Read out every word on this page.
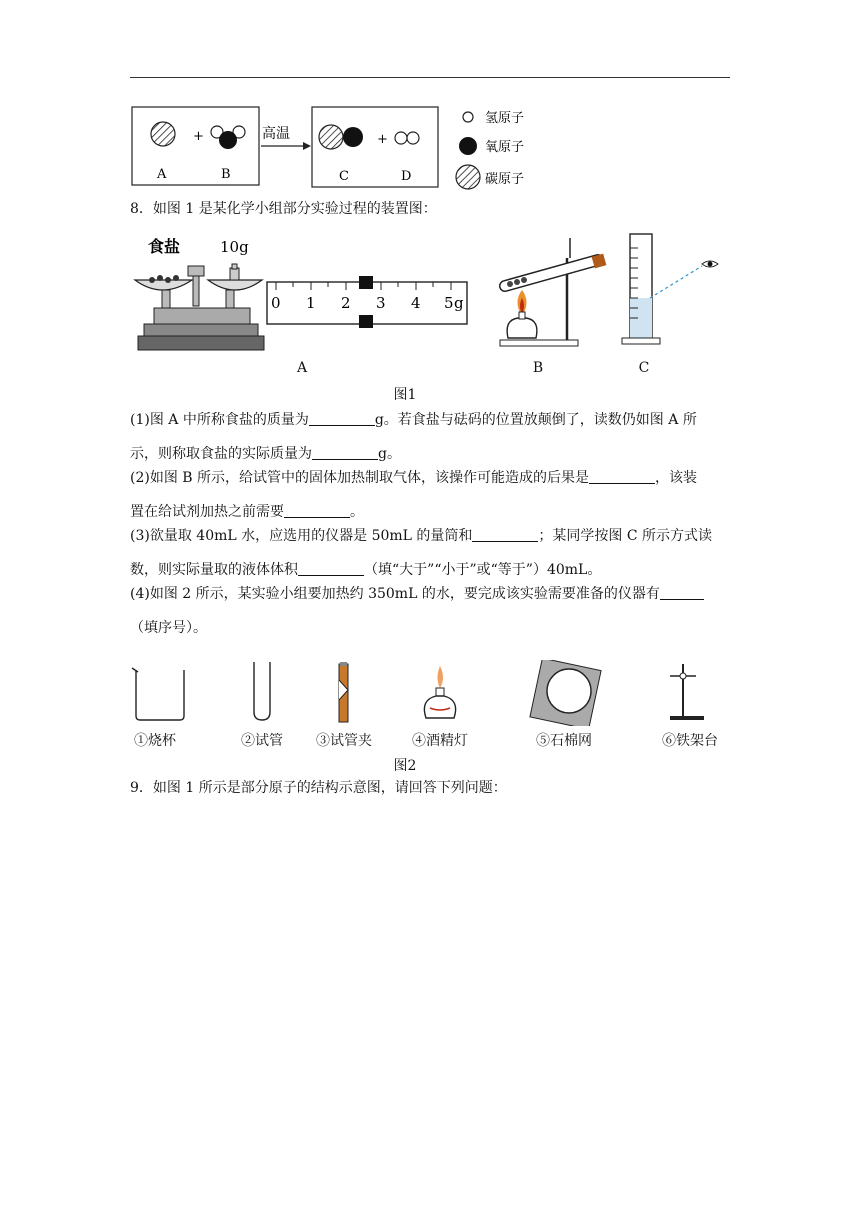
+
A	B
高温	+
C	D
氢原子
氧原子
碳原子
8．如图 1 是某化学小组部分实验过程的装置图：
食盐	10g
0 1 2 3 4 5 g
A	B	C
图1
(1)图 A 中所称食盐的质量为	g。若食盐与砝码的位置放颠倒了，读数仍如图 A 所
示，则称取食盐的实际质量为	g。
(2)如图 B 所示，给试管中的固体加热制取气体，该操作可能造成的后果是	，该装
置在给试剂加热之前需要	。
(3)欲量取 40mL 水，应选用的仪器是 50mL 的量筒和	；某同学按图 C 所示方式读
数，则实际量取的液体体积	（填“大于”“小于”或“等于”）40mL。
(4)如图 2 所示，某实验小组要加热约 350mL 的水，要完成该实验需要准备的仪器有
（填序号）。
①烧杯	②试管 ③试管夹	④酒精灯	⑤石棉网	⑥铁架台
图2
9．如图 1 所示是部分原子的结构示意图，请回答下列问题：
